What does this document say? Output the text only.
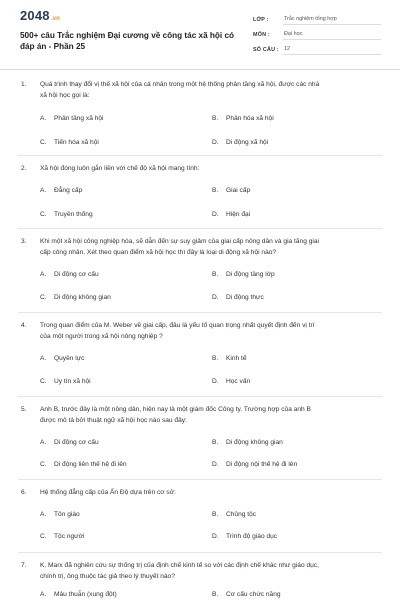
2048.vn
500+ câu Trắc nghiệm Đại cương về công tác xã hội có đáp án - Phần 25
LỚP :	Trắc nghiệm tổng hợp
MÔN :	Đại học
SỐ CÂU : 12
1. Quá trình thay đổi vị thế xã hội của cá nhân trong một hệ thống phân tầng xã hội, được các nhà
xã hội học gọi là:
A. Phân tầng xã hội	B. Phân hóa xã hội
C. Tiến hóa xã hội	D. Di động xã hội
2. Xã hội đóng luôn gắn liền với chế độ xã hội mang tính:
A. Đẳng cấp	B. Giai cấp
C. Truyền thống	D. Hiện đại
3. Khi một xã hội công nghiệp hóa, sẽ dẫn đến sự suy giảm của giai cấp nông dân và gia tăng giai
cấp công nhân. Xét theo quan điểm xã hội học thì đây là loại di động xã hội nào?
A. Di động cơ cấu	B. Di động tầng lớp
C. Di động không gian	D. Di động thực
4. Trong quan điểm của M. Weber về giai cấp, đâu là yếu tố quan trọng nhất quyết định đến vị trí
của một người trong xã hội nông nghiệp ?
A. Quyền lực	B. Kinh tế
C. Uy tín xã hội	D. Học vấn
5. Anh B, trước đây là một nông dân, hiện nay là một giám đốc Công ty. Trường hợp của anh B
được mô tả bởi thuật ngữ xã hội học nào sau đây:
A. Di động cơ cấu	B. Di động không gian
C. Di động liên thế hệ đi lên	D. Di động nội thế hệ đi lên
6. Hệ thống đẳng cấp của Ấn Độ dựa trên cơ sở:
A. Tôn giáo	B. Chủng tộc
C. Tộc người	D. Trình độ giáo dục
7. K. Marx đã nghiên cứu sự thống trị của định chế kinh tế so với các định chế khác như giáo dục,
chính trị, ông thuộc tác giả theo lý thuyết nào?
A. Mâu thuẫn (xung đột)	B. Cơ cấu chức năng
